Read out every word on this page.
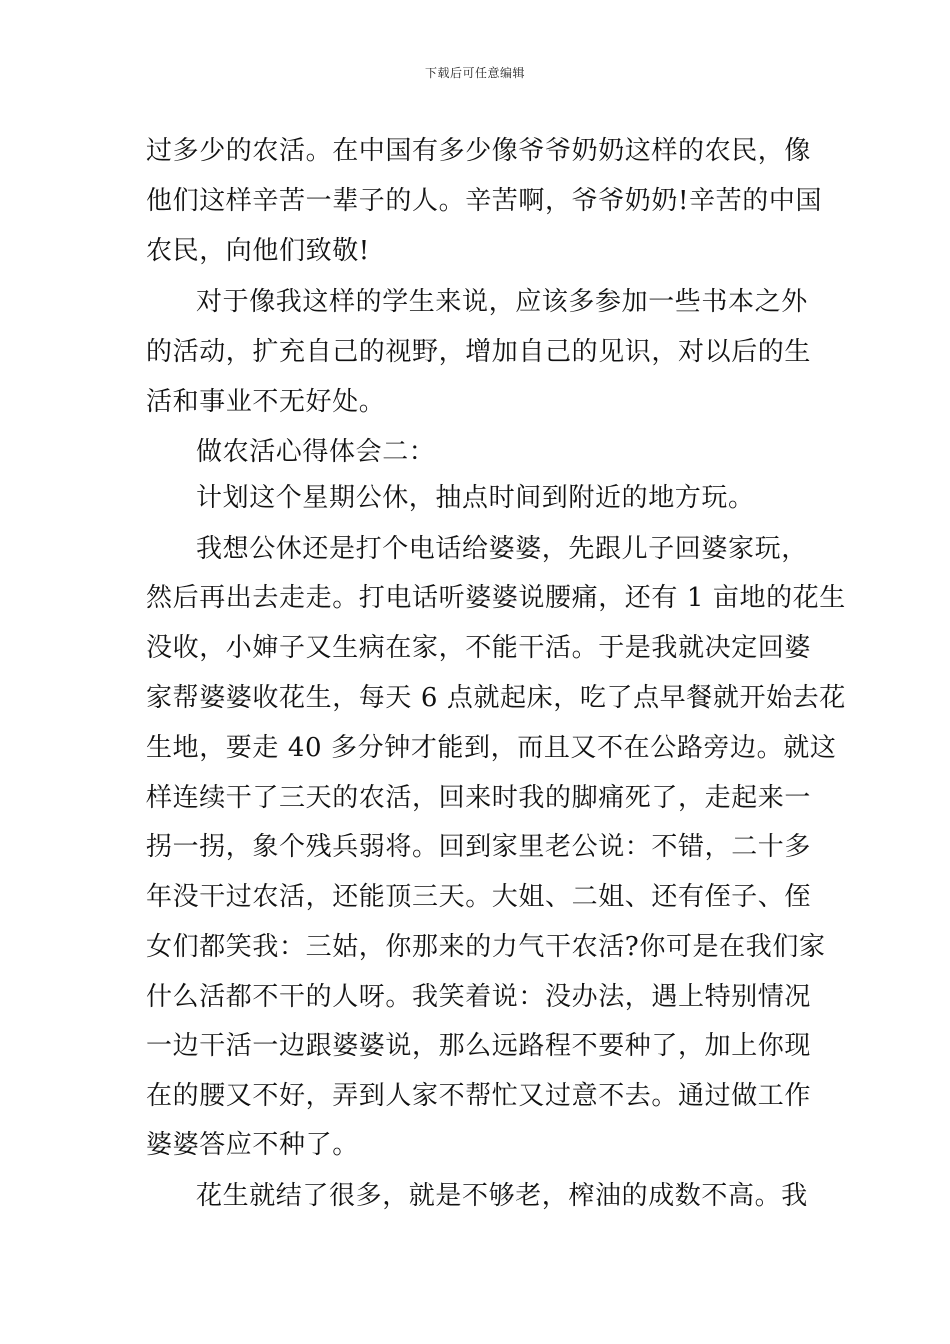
下载后可任意编辑
过多少的农活。在中国有多少像爷爷奶奶这样的农民，像
他们这样辛苦一辈子的人。辛苦啊，爷爷奶奶!辛苦的中国
农民，向他们致敬!
对于像我这样的学生来说，应该多参加一些书本之外
的活动，扩充自己的视野，增加自己的见识，对以后的生
活和事业不无好处。
做农活心得体会二：
计划这个星期公休，抽点时间到附近的地方玩。
我想公休还是打个电话给婆婆，先跟儿子回婆家玩，
然后再出去走走。打电话听婆婆说腰痛，还有 1 亩地的花生
没收，小婶子又生病在家，不能干活。于是我就决定回婆
家帮婆婆收花生，每天 6 点就起床，吃了点早餐就开始去花
生地，要走 40 多分钟才能到，而且又不在公路旁边。就这
样连续干了三天的农活，回来时我的脚痛死了，走起来一
拐一拐，象个残兵弱将。回到家里老公说：不错，二十多
年没干过农活，还能顶三天。大姐、二姐、还有侄子、侄
女们都笑我：三姑，你那来的力气干农活?你可是在我们家
什么活都不干的人呀。我笑着说：没办法，遇上特别情况
一边干活一边跟婆婆说，那么远路程不要种了，加上你现
在的腰又不好，弄到人家不帮忙又过意不去。通过做工作
婆婆答应不种了。
花生就结了很多，就是不够老，榨油的成数不高。我
